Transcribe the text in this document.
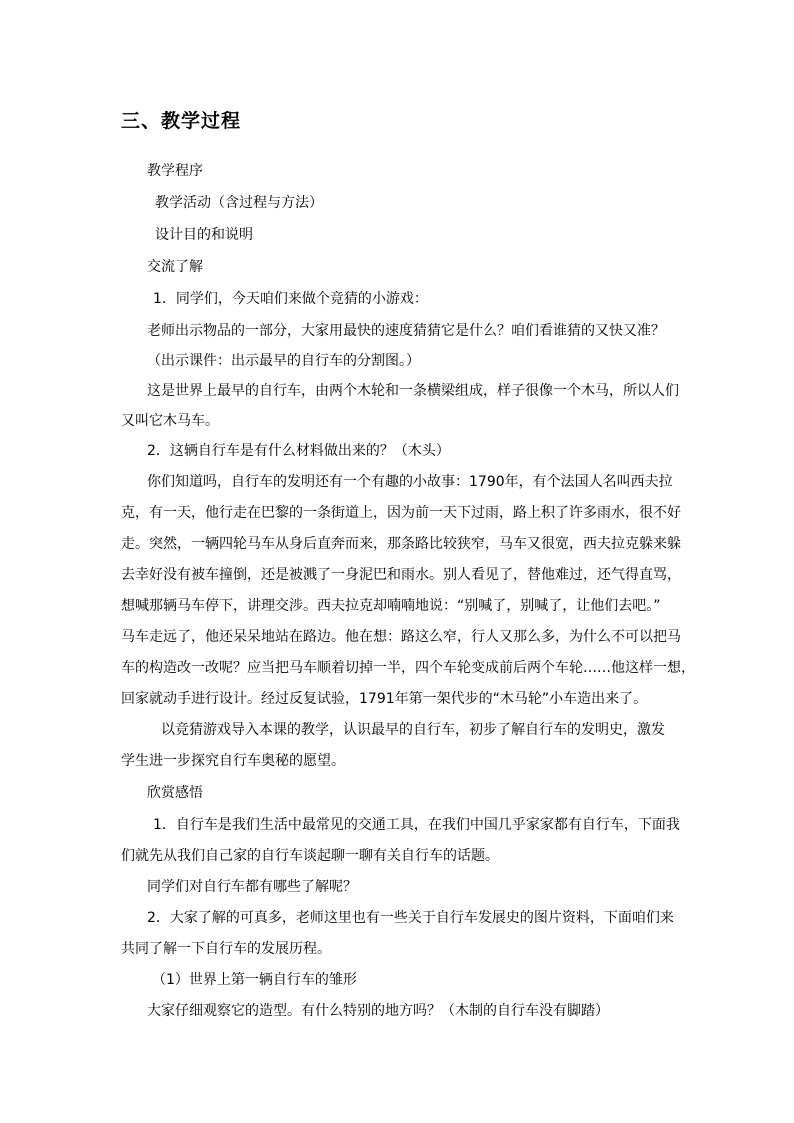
三、教学过程
教学程序
教学活动（含过程与方法）
设计目的和说明
交流了解
1．同学们，今天咱们来做个竞猜的小游戏：
老师出示物品的一部分，大家用最快的速度猜猜它是什么？咱们看谁猜的又快又准？
（出示课件：出示最早的自行车的分割图。）
这是世界上最早的自行车，由两个木轮和一条横梁组成，样子很像一个木马，所以人们
又叫它木马车。
2．这辆自行车是有什么材料做出来的？（木头）
你们知道吗，自行车的发明还有一个有趣的小故事：1790年，有个法国人名叫西夫拉
克，有一天，他行走在巴黎的一条街道上，因为前一天下过雨，路上积了许多雨水，很不好
走。突然，一辆四轮马车从身后直奔而来，那条路比较狭窄，马车又很宽，西夫拉克躲来躲
去幸好没有被车撞倒，还是被溅了一身泥巴和雨水。别人看见了，替他难过，还气得直骂，
想喊那辆马车停下，讲理交涉。西夫拉克却喃喃地说：“别喊了，别喊了，让他们去吧。”
马车走远了，他还呆呆地站在路边。他在想：路这么窄，行人又那么多，为什么不可以把马
车的构造改一改呢？应当把马车顺着切掉一半，四个车轮变成前后两个车轮……他这样一想，
回家就动手进行设计。经过反复试验，1791年第一架代步的“木马轮”小车造出来了。
以竞猜游戏导入本课的教学，认识最早的自行车，初步了解自行车的发明史，激发
学生进一步探究自行车奥秘的愿望。
欣赏感悟
1．自行车是我们生活中最常见的交通工具，在我们中国几乎家家都有自行车，下面我
们就先从我们自己家的自行车谈起聊一聊有关自行车的话题。
同学们对自行车都有哪些了解呢？
2．大家了解的可真多，老师这里也有一些关于自行车发展史的图片资料，下面咱们来
共同了解一下自行车的发展历程。
（1）世界上第一辆自行车的雏形
大家仔细观察它的造型。有什么特别的地方吗？（木制的自行车没有脚踏）
